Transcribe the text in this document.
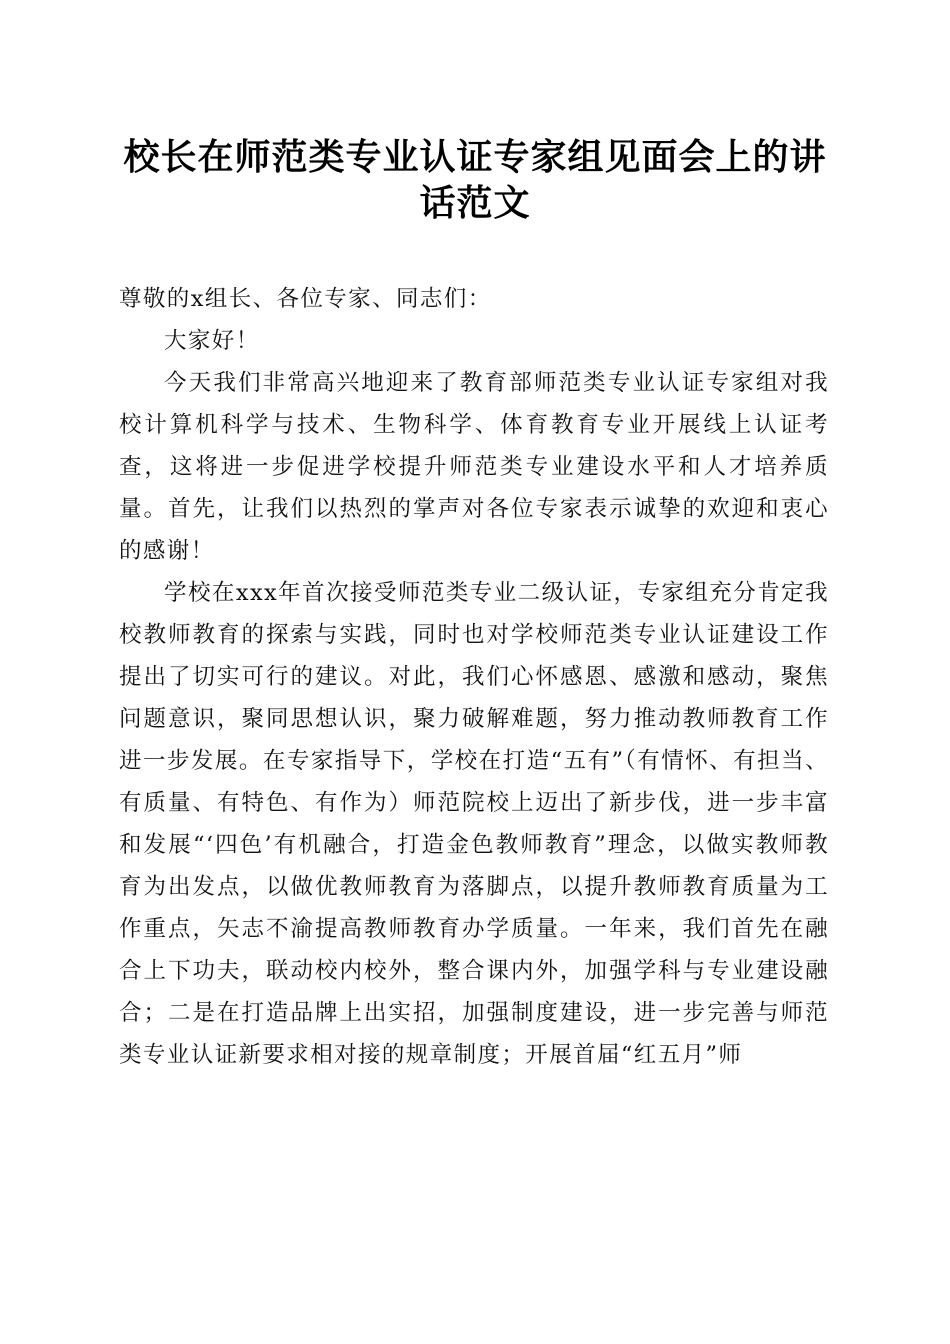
校长在师范类专业认证专家组见面会上的讲话范文

尊敬的x组长、各位专家、同志们：

大家好！

今天我们非常高兴地迎来了教育部师范类专业认证专家组对我校计算机科学与技术、生物科学、体育教育专业开展线上认证考查，这将进一步促进学校提升师范类专业建设水平和人才培养质量。首先，让我们以热烈的掌声对各位专家表示诚挚的欢迎和衷心的感谢！

学校在xxx年首次接受师范类专业二级认证，专家组充分肯定我校教师教育的探索与实践，同时也对学校师范类专业认证建设工作提出了切实可行的建议。对此，我们心怀感恩、感激和感动，聚焦问题意识，聚同思想认识，聚力破解难题，努力推动教师教育工作进一步发展。在专家指导下，学校在打造“五有”（有情怀、有担当、有质量、有特色、有作为）师范院校上迈出了新步伐，进一步丰富和发展“‘四色’有机融合，打造金色教师教育”理念，以做实教师教育为出发点，以做优教师教育为落脚点，以提升教师教育质量为工作重点，矢志不渝提高教师教育办学质量。一年来，我们首先在融合上下功夫，联动校内校外，整合课内外，加强学科与专业建设融合；二是在打造品牌上出实招，加强制度建设，进一步完善与师范类专业认证新要求相对接的规章制度；开展首届“红五月”师
